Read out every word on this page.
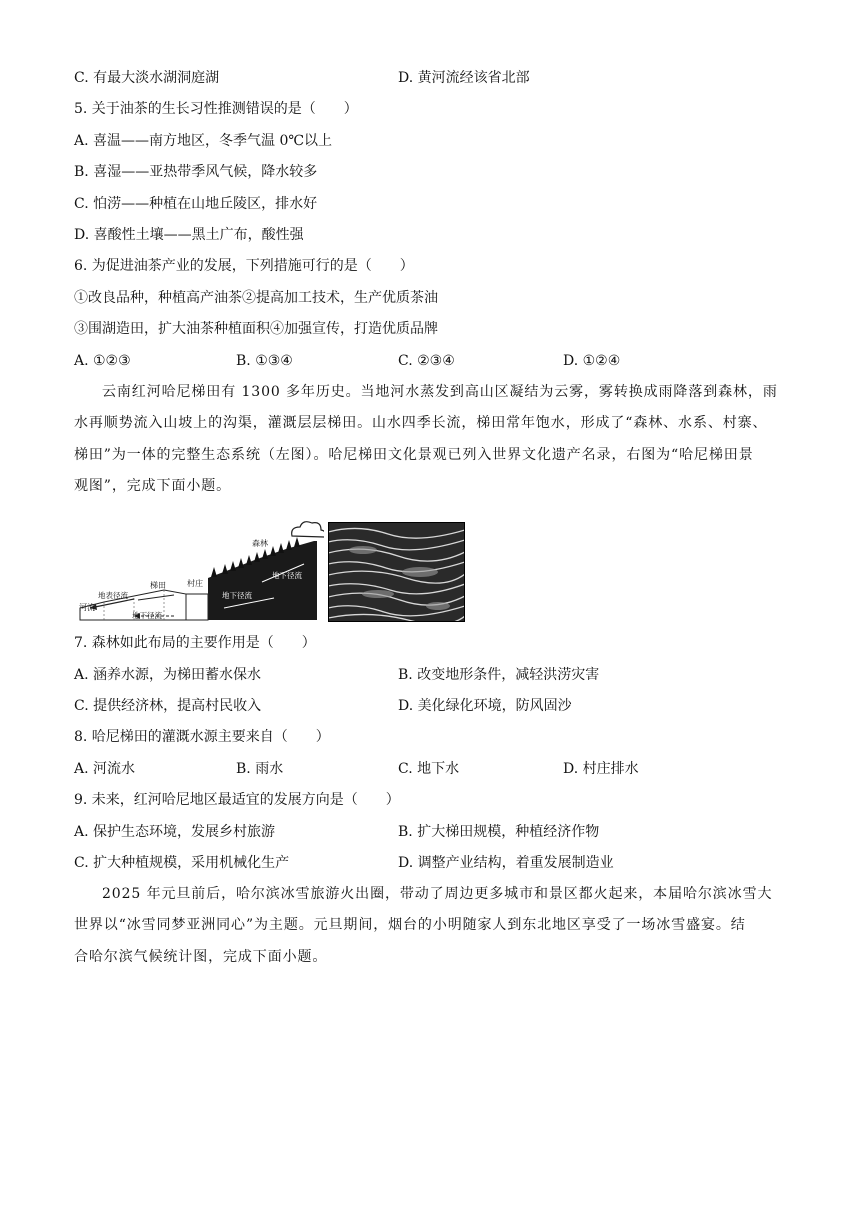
C. 有最大淡水湖洞庭湖	D. 黄河流经该省北部
5. 关于油茶的生长习性推测错误的是（　　）
A. 喜温——南方地区，冬季气温 0℃以上
B. 喜湿——亚热带季风气候，降水较多
C. 怕涝——种植在山地丘陵区，排水好
D. 喜酸性土壤——黑土广布，酸性强
6. 为促进油茶产业的发展，下列措施可行的是（　　）
①改良品种，种植高产油茶②提高加工技术，生产优质茶油
③围湖造田，扩大油茶种植面积④加强宣传，打造优质品牌
A. ①②③	B. ①③④	C. ②③④	D. ①②④
云南红河哈尼梯田有 1300 多年历史。当地河水蒸发到高山区凝结为云雾，雾转换成雨降落到森林，雨
水再顺势流入山坡上的沟渠，灌溉层层梯田。山水四季长流，梯田常年饱水，形成了“森林、水系、村寨、
梯田”为一体的完整生态系统（左图）。哈尼梯田文化景观已列入世界文化遗产名录，右图为“哈尼梯田景
观图”，完成下面小题。
森林
村庄
梯田
地表径流
河流
地下径流
地下径流
地下径流
7. 森林如此布局的主要作用是（　　）
A. 涵养水源，为梯田蓄水保水	B. 改变地形条件，减轻洪涝灾害
C. 提供经济林，提高村民收入	D. 美化绿化环境，防风固沙
8. 哈尼梯田的灌溉水源主要来自（　　）
A. 河流水	B. 雨水	C. 地下水	D. 村庄排水
9. 未来，红河哈尼地区最适宜的发展方向是（　　）
A. 保护生态环境，发展乡村旅游	B. 扩大梯田规模，种植经济作物
C. 扩大种植规模，采用机械化生产	D. 调整产业结构，着重发展制造业
2025 年元旦前后，哈尔滨冰雪旅游火出圈，带动了周边更多城市和景区都火起来，本届哈尔滨冰雪大
世界以“冰雪同梦亚洲同心”为主题。元旦期间，烟台的小明随家人到东北地区享受了一场冰雪盛宴。结
合哈尔滨气候统计图，完成下面小题。
